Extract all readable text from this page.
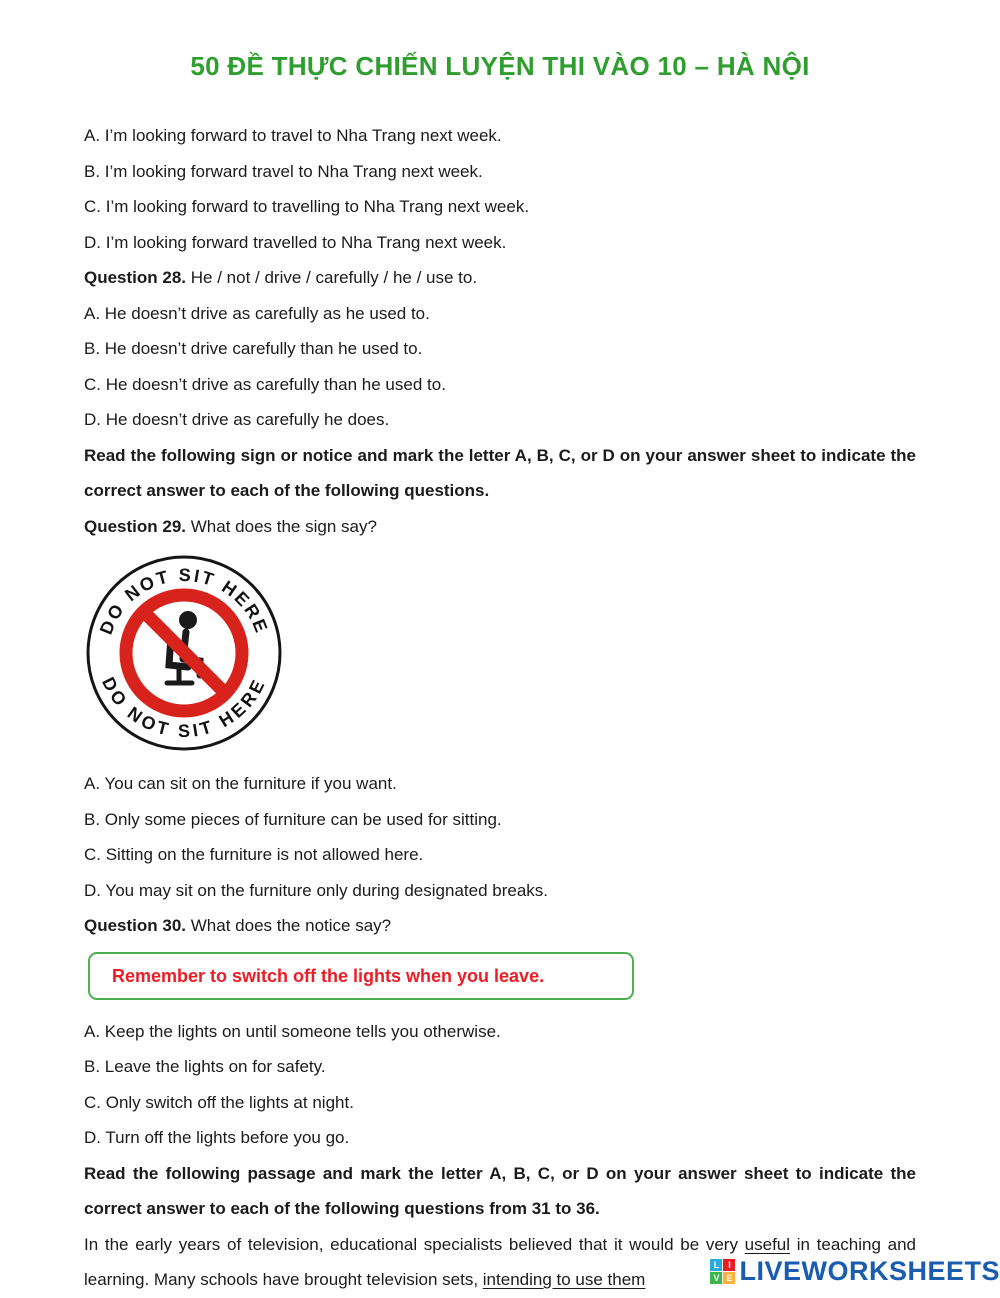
50 ĐỀ THỰC CHIẾN LUYỆN THI VÀO 10 – HÀ NỘI

A. I’m looking forward to travel to Nha Trang next week.

B. I’m looking forward travel to Nha Trang next week.

C. I’m looking forward to travelling to Nha Trang next week.

D. I’m looking forward travelled to Nha Trang next week.

Question 28. He / not / drive / carefully / he / use to.

A. He doesn’t drive as carefully as he used to.

B. He doesn’t drive carefully than he used to.

C. He doesn’t drive as carefully than he used to.

D. He doesn’t drive as carefully he does.

Read the following sign or notice and mark the letter A, B, C, or D on your answer sheet to indicate the correct answer to each of the following questions.

Question 29. What does the sign say?

DO NOT SIT HERE
DO NOT SIT HERE

A. You can sit on the furniture if you want.

B. Only some pieces of furniture can be used for sitting.

C. Sitting on the furniture is not allowed here.

D. You may sit on the furniture only during designated breaks.

Question 30. What does the notice say?

Remember to switch off the lights when you leave.

A. Keep the lights on until someone tells you otherwise.

B. Leave the lights on for safety.

C. Only switch off the lights at night.

D. Turn off the lights before you go.

Read the following passage and mark the letter A, B, C, or D on your answer sheet to indicate the correct answer to each of the following questions from 31 to 36.

In the early years of television, educational specialists believed that it would be very useful in teaching and learning. Many schools have brought television sets, intending to use them

L I
V E LIVEWORKSHEETS
